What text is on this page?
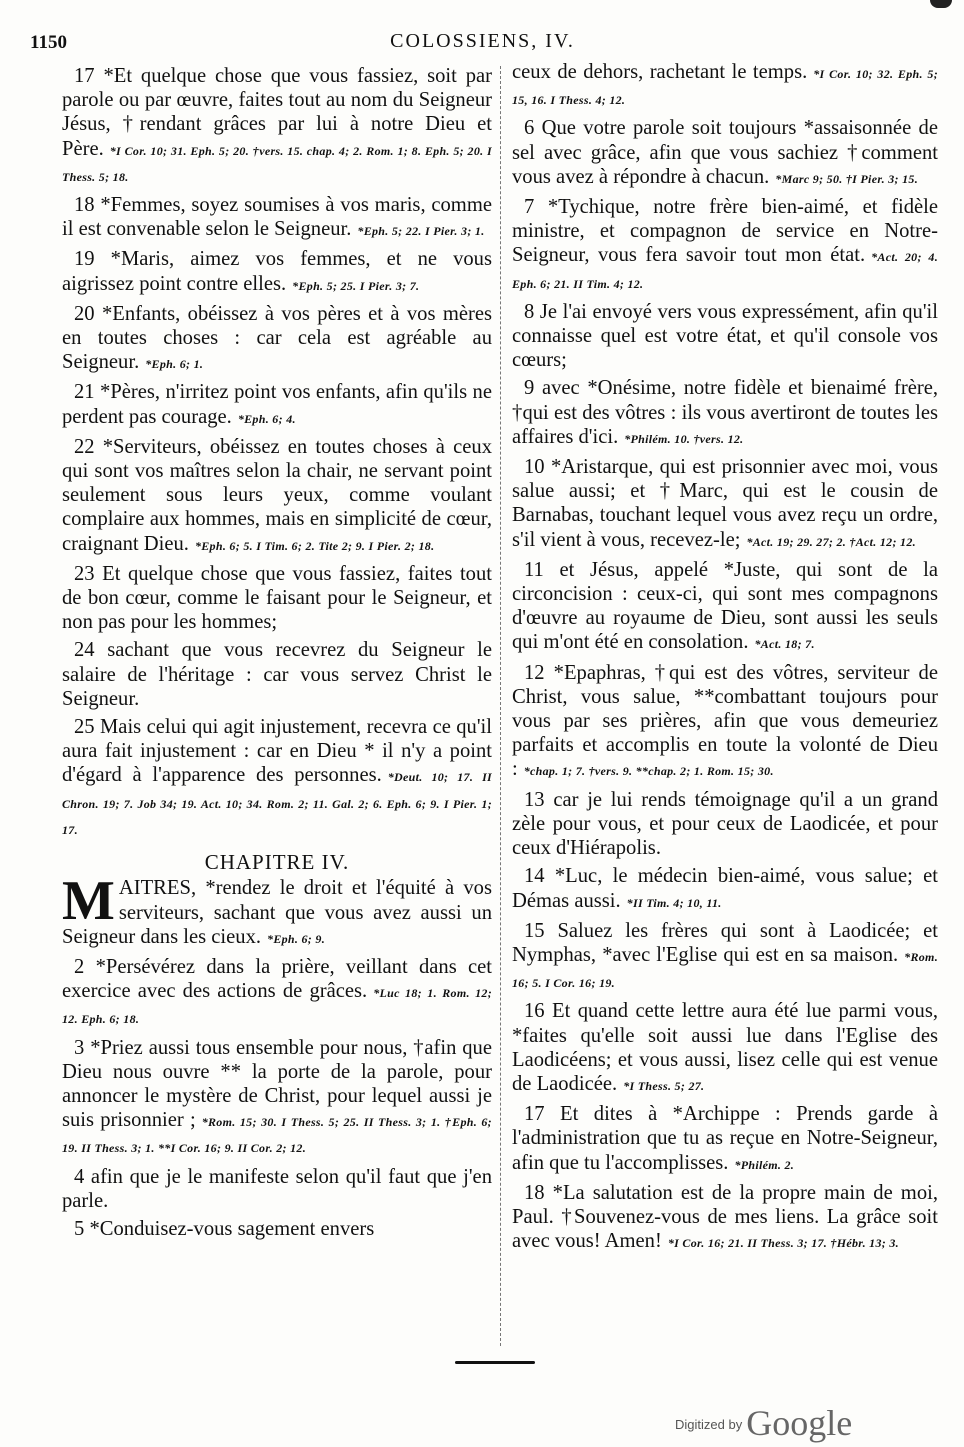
1150	COLOSSIENS, IV.

17 *Et quelque chose que vous fassiez, soit par parole ou par œuvre, faites tout au nom du Seigneur Jésus, †rendant grâces par lui à notre Dieu et Père. *I Cor. 10; 31. Eph. 5; 20. †vers. 15. chap. 4; 2. Rom. 1; 8. Eph. 5; 20. I Thess. 5; 18.

18 *Femmes, soyez soumises à vos maris, comme il est convenable selon le Seigneur. *Eph. 5; 22. I Pier. 3; 1.

19 *Maris, aimez vos femmes, et ne vous aigrissez point contre elles. *Eph. 5; 25. I Pier. 3; 7.

20 *Enfants, obéissez à vos pères et à vos mères en toutes choses : car cela est agréable au Seigneur. *Eph. 6; 1.

21 *Pères, n'irritez point vos enfants, afin qu'ils ne perdent pas courage. *Eph. 6; 4.

22 *Serviteurs, obéissez en toutes choses à ceux qui sont vos maîtres selon la chair, ne servant point seulement sous leurs yeux, comme voulant complaire aux hommes, mais en simplicité de cœur, craignant Dieu. *Eph. 6; 5. I Tim. 6; 2. Tite 2; 9. I Pier. 2; 18.

23 Et quelque chose que vous fassiez, faites tout de bon cœur, comme le faisant pour le Seigneur, et non pas pour les hommes;

24 sachant que vous recevrez du Seigneur le salaire de l'héritage : car vous servez Christ le Seigneur.

25 Mais celui qui agit injustement, recevra ce qu'il aura fait injustement : car en Dieu * il n'y a point d'égard à l'apparence des personnes. *Deut. 10; 17. II Chron. 19; 7. Job 34; 19. Act. 10; 34. Rom. 2; 11. Gal. 2; 6. Eph. 6; 9. I Pier. 1; 17.

CHAPITRE IV.

MAITRES, *rendez le droit et l'équité à vos serviteurs, sachant que vous avez aussi un Seigneur dans les cieux. *Eph. 6; 9.

2 *Persévérez dans la prière, veillant dans cet exercice avec des actions de grâces. *Luc 18; 1. Rom. 12; 12. Eph. 6; 18.

3 *Priez aussi tous ensemble pour nous, †afin que Dieu nous ouvre ** la porte de la parole, pour annoncer le mystère de Christ, pour lequel aussi je suis prisonnier ; *Rom. 15; 30. I Thess. 5; 25. II Thess. 3; 1. †Eph. 6; 19. II Thess. 3; 1. **I Cor. 16; 9. II Cor. 2; 12.

4 afin que je le manifeste selon qu'il faut que j'en parle.

5 *Conduisez-vous sagement envers

ceux de dehors, rachetant le temps. *I Cor. 10; 32. Eph. 5; 15, 16. I Thess. 4; 12.

6 Que votre parole soit toujours *assaisonnée de sel avec grâce, afin que vous sachiez †comment vous avez à répondre à chacun. *Marc 9; 50. †I Pier. 3; 15.

7 *Tychique, notre frère bien-aimé, et fidèle ministre, et compagnon de service en Notre-Seigneur, vous fera savoir tout mon état. *Act. 20; 4. Eph. 6; 21. II Tim. 4; 12.

8 Je l'ai envoyé vers vous expressément, afin qu'il connaisse quel est votre état, et qu'il console vos cœurs;

9 avec *Onésime, notre fidèle et bienaimé frère, †qui est des vôtres : ils vous avertiront de toutes les affaires d'ici. *Philém. 10. †vers. 12.

10 *Aristarque, qui est prisonnier avec moi, vous salue aussi; et †Marc, qui est le cousin de Barnabas, touchant lequel vous avez reçu un ordre, s'il vient à vous, recevez-le; *Act. 19; 29. 27; 2. †Act. 12; 12.

11 et Jésus, appelé *Juste, qui sont de la circoncision : ceux-ci, qui sont mes compagnons d'œuvre au royaume de Dieu, sont aussi les seuls qui m'ont été en consolation. *Act. 18; 7.

12 *Epaphras, †qui est des vôtres, serviteur de Christ, vous salue, **combattant toujours pour vous par ses prières, afin que vous demeuriez parfaits et accomplis en toute la volonté de Dieu : *chap. 1; 7. †vers. 9. **chap. 2; 1. Rom. 15; 30.

13 car je lui rends témoignage qu'il a un grand zèle pour vous, et pour ceux de Laodicée, et pour ceux d'Hiérapolis.

14 *Luc, le médecin bien-aimé, vous salue; et Démas aussi. *II Tim. 4; 10, 11.

15 Saluez les frères qui sont à Laodicée; et Nymphas, *avec l'Eglise qui est en sa maison. *Rom. 16; 5. I Cor. 16; 19.

16 Et quand cette lettre aura été lue parmi vous, *faites qu'elle soit aussi lue dans l'Eglise des Laodicéens; et vous aussi, lisez celle qui est venue de Laodicée. *I Thess. 5; 27.

17 Et dites à *Archippe : Prends garde à l'administration que tu as reçue en Notre-Seigneur, afin que tu l'accomplisses. *Philém. 2.

18 *La salutation est de la propre main de moi, Paul. †Souvenez-vous de mes liens. La grâce soit avec vous! Amen! *I Cor. 16; 21. II Thess. 3; 17. †Hébr. 13; 3.

$^{Digitized by}$ Google
